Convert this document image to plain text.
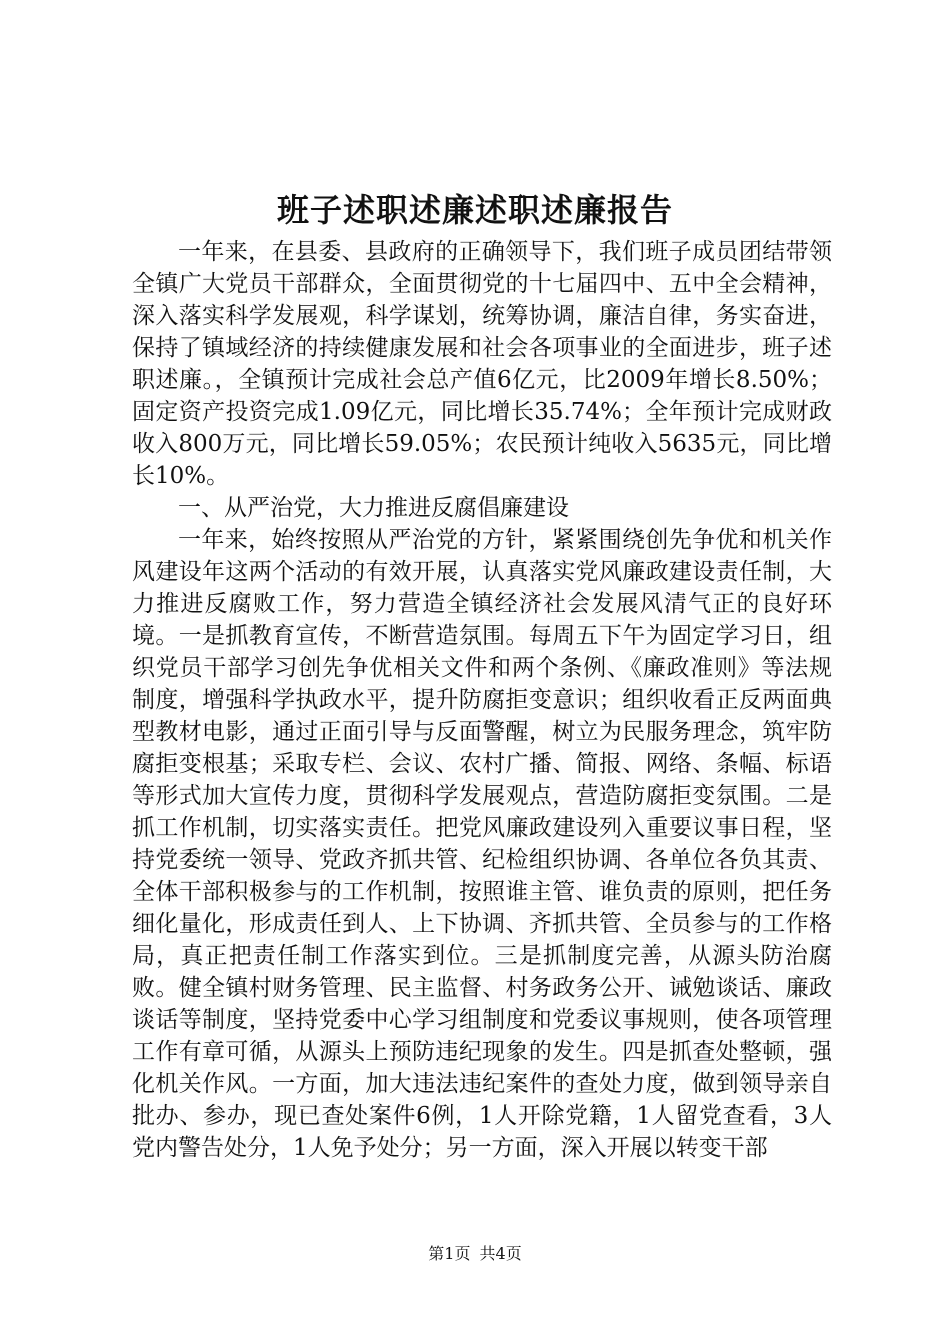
班子述职述廉述职述廉报告

一年来，在县委、县政府的正确领导下，我们班子成员团结带领全镇广大党员干部群众，全面贯彻党的十七届四中、五中全会精神，深入落实科学发展观，科学谋划，统筹协调，廉洁自律，务实奋进，保持了镇域经济的持续健康发展和社会各项事业的全面进步，班子述职述廉。，全镇预计完成社会总产值6亿元，比2009年增长8.50%；固定资产投资完成1.09亿元，同比增长35.74%；全年预计完成财政收入800万元，同比增长59.05%；农民预计纯收入5635元，同比增长10%。

一、从严治党，大力推进反腐倡廉建设

一年来，始终按照从严治党的方针，紧紧围绕创先争优和机关作风建设年这两个活动的有效开展，认真落实党风廉政建设责任制，大力推进反腐败工作，努力营造全镇经济社会发展风清气正的良好环境。一是抓教育宣传，不断营造氛围。每周五下午为固定学习日，组织党员干部学习创先争优相关文件和两个条例、《廉政准则》等法规制度，增强科学执政水平，提升防腐拒变意识；组织收看正反两面典型教材电影，通过正面引导与反面警醒，树立为民服务理念，筑牢防腐拒变根基；采取专栏、会议、农村广播、简报、网络、条幅、标语等形式加大宣传力度，贯彻科学发展观点，营造防腐拒变氛围。二是抓工作机制，切实落实责任。把党风廉政建设列入重要议事日程，坚持党委统一领导、党政齐抓共管、纪检组织协调、各单位各负其责、全体干部积极参与的工作机制，按照谁主管、谁负责的原则，把任务细化量化，形成责任到人、上下协调、齐抓共管、全员参与的工作格局，真正把责任制工作落实到位。三是抓制度完善，从源头防治腐败。健全镇村财务管理、民主监督、村务政务公开、诫勉谈话、廉政谈话等制度，坚持党委中心学习组制度和党委议事规则，使各项管理工作有章可循，从源头上预防违纪现象的发生。四是抓查处整顿，强化机关作风。一方面，加大违法违纪案件的查处力度，做到领导亲自批办、参办，现已查处案件6例，1人开除党籍，1人留党查看，3人党内警告处分，1人免予处分；另一方面，深入开展以转变干部

第1页 共4页
